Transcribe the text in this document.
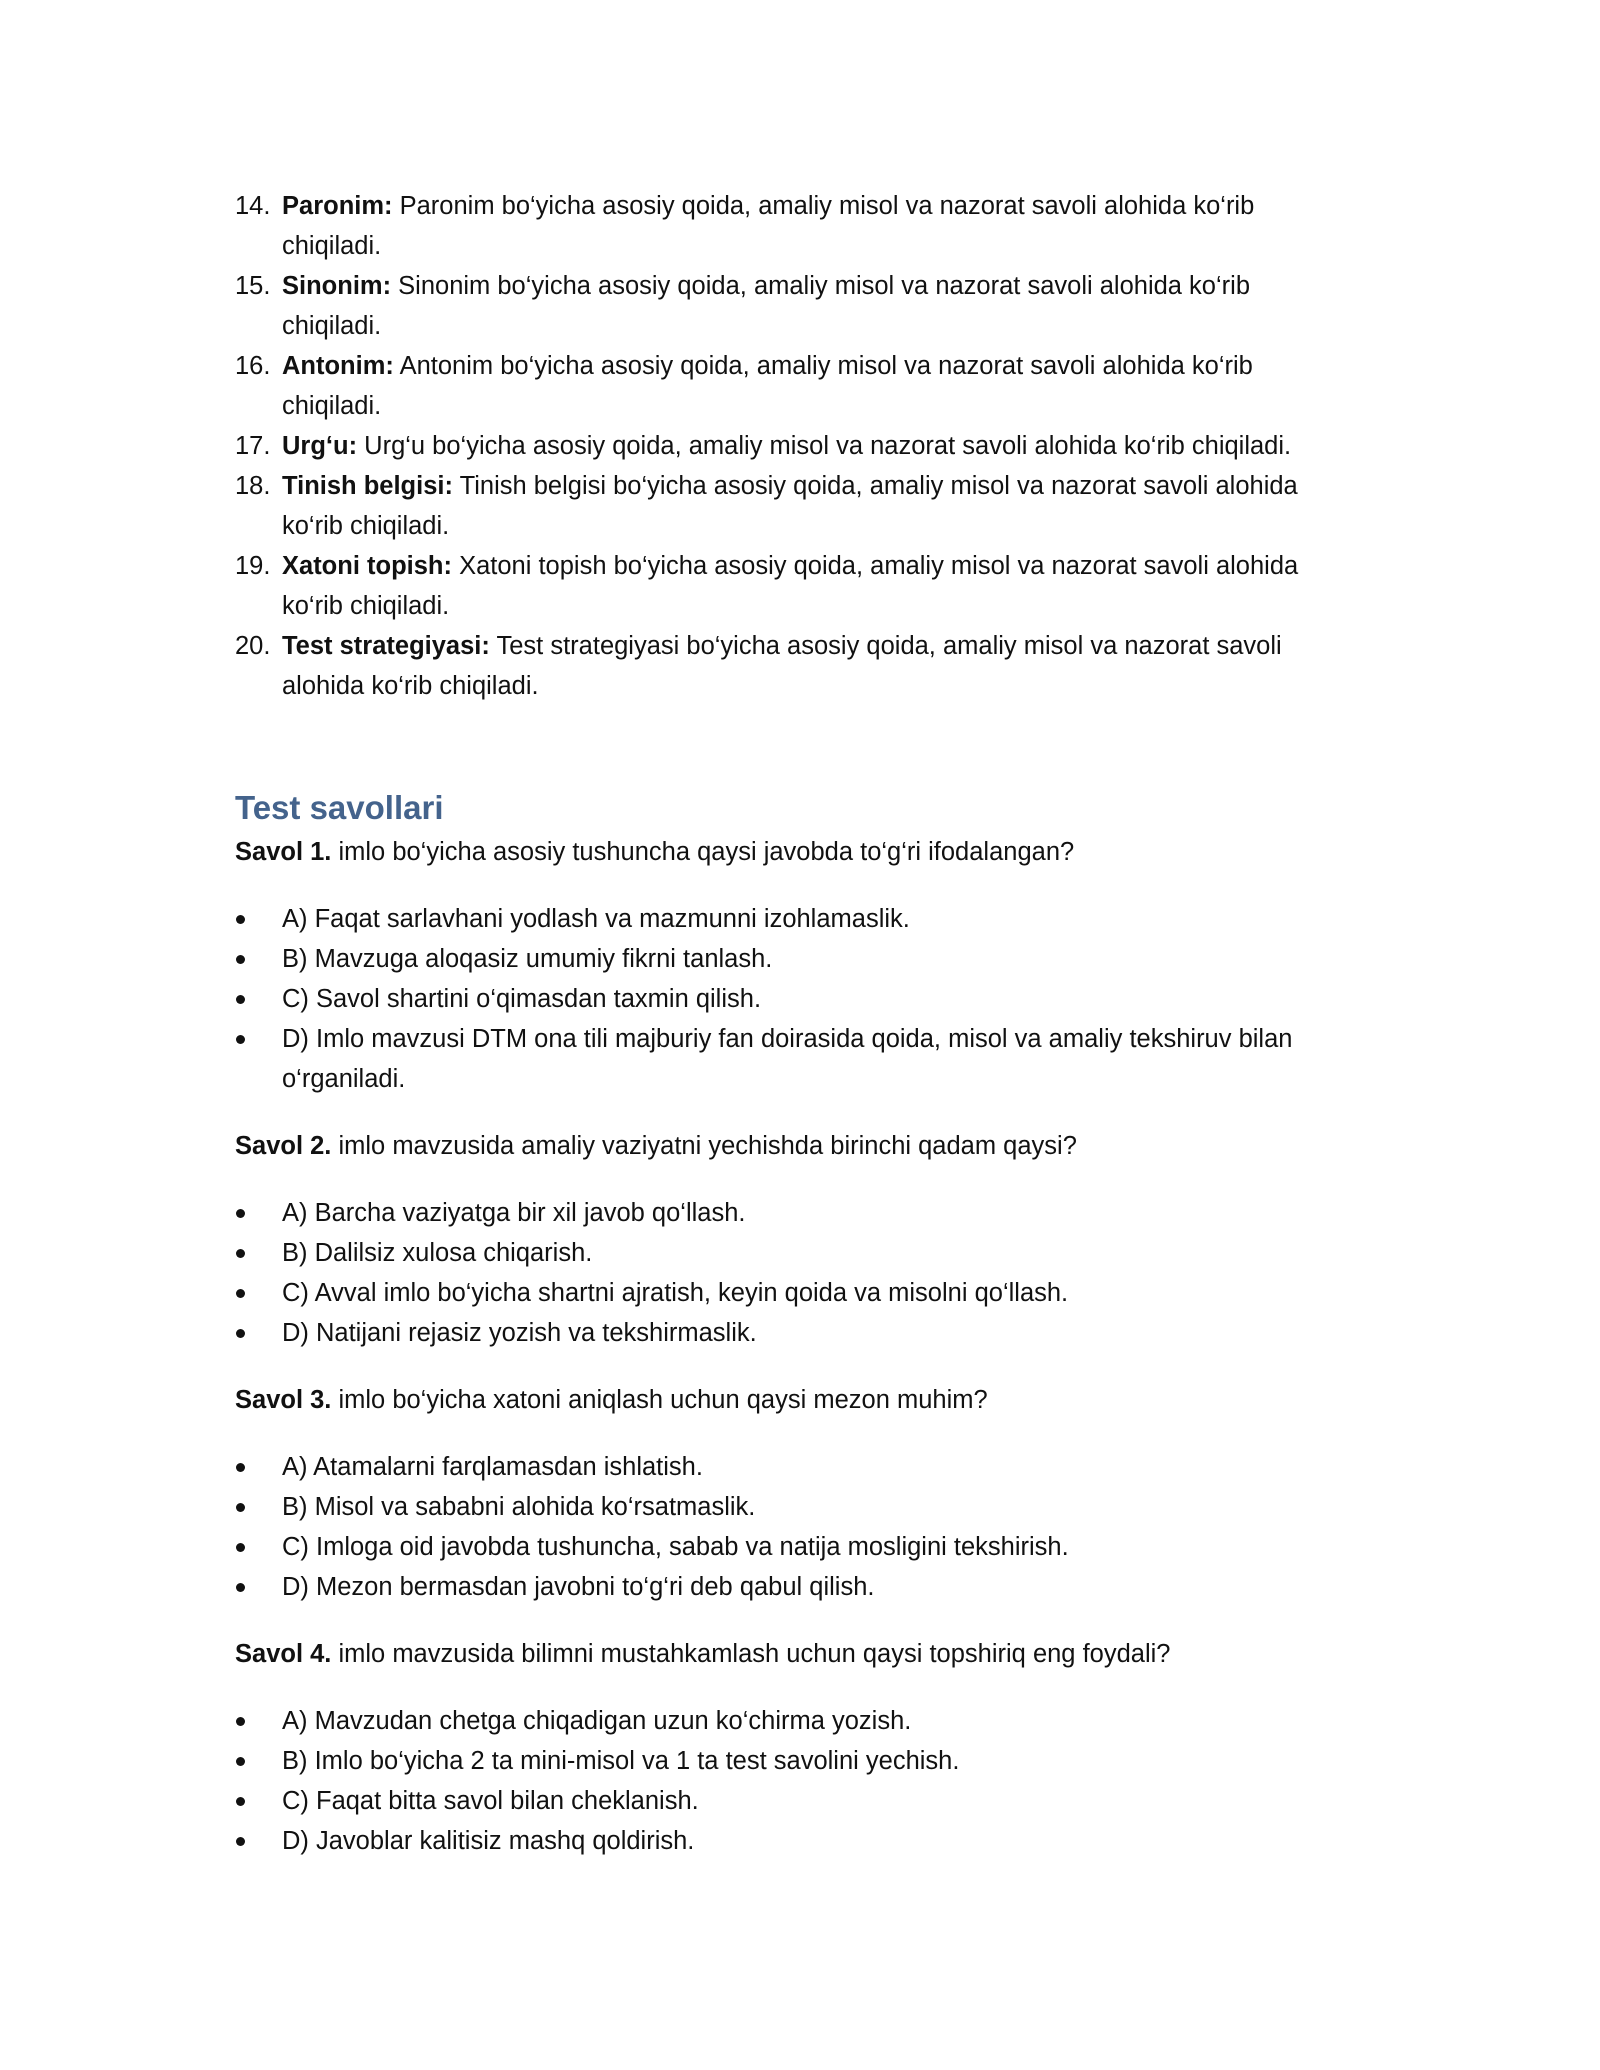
14. Paronim: Paronim bo‘yicha asosiy qoida, amaliy misol va nazorat savoli alohida ko‘rib chiqiladi.
15. Sinonim: Sinonim bo‘yicha asosiy qoida, amaliy misol va nazorat savoli alohida ko‘rib chiqiladi.
16. Antonim: Antonim bo‘yicha asosiy qoida, amaliy misol va nazorat savoli alohida ko‘rib chiqiladi.
17. Urg‘u: Urg‘u bo‘yicha asosiy qoida, amaliy misol va nazorat savoli alohida ko‘rib chiqiladi.
18. Tinish belgisi: Tinish belgisi bo‘yicha asosiy qoida, amaliy misol va nazorat savoli alohida ko‘rib chiqiladi.
19. Xatoni topish: Xatoni topish bo‘yicha asosiy qoida, amaliy misol va nazorat savoli alohida ko‘rib chiqiladi.
20. Test strategiyasi: Test strategiyasi bo‘yicha asosiy qoida, amaliy misol va nazorat savoli alohida ko‘rib chiqiladi.
Test savollari

Savol 1. imlo bo‘yicha asosiy tushuncha qaysi javobda to‘g‘ri ifodalangan?

A) Faqat sarlavhani yodlash va mazmunni izohlamaslik.
B) Mavzuga aloqasiz umumiy fikrni tanlash.
C) Savol shartini o‘qimasdan taxmin qilish.
D) Imlo mavzusi DTM ona tili majburiy fan doirasida qoida, misol va amaliy tekshiruv bilan o‘rganiladi.

Savol 2. imlo mavzusida amaliy vaziyatni yechishda birinchi qadam qaysi?

A) Barcha vaziyatga bir xil javob qo‘llash.
B) Dalilsiz xulosa chiqarish.
C) Avval imlo bo‘yicha shartni ajratish, keyin qoida va misolni qo‘llash.
D) Natijani rejasiz yozish va tekshirmaslik.

Savol 3. imlo bo‘yicha xatoni aniqlash uchun qaysi mezon muhim?

A) Atamalarni farqlamasdan ishlatish.
B) Misol va sababni alohida ko‘rsatmaslik.
C) Imloga oid javobda tushuncha, sabab va natija mosligini tekshirish.
D) Mezon bermasdan javobni to‘g‘ri deb qabul qilish.

Savol 4. imlo mavzusida bilimni mustahkamlash uchun qaysi topshiriq eng foydali?

A) Mavzudan chetga chiqadigan uzun ko‘chirma yozish.
B) Imlo bo‘yicha 2 ta mini-misol va 1 ta test savolini yechish.
C) Faqat bitta savol bilan cheklanish.
D) Javoblar kalitisiz mashq qoldirish.
